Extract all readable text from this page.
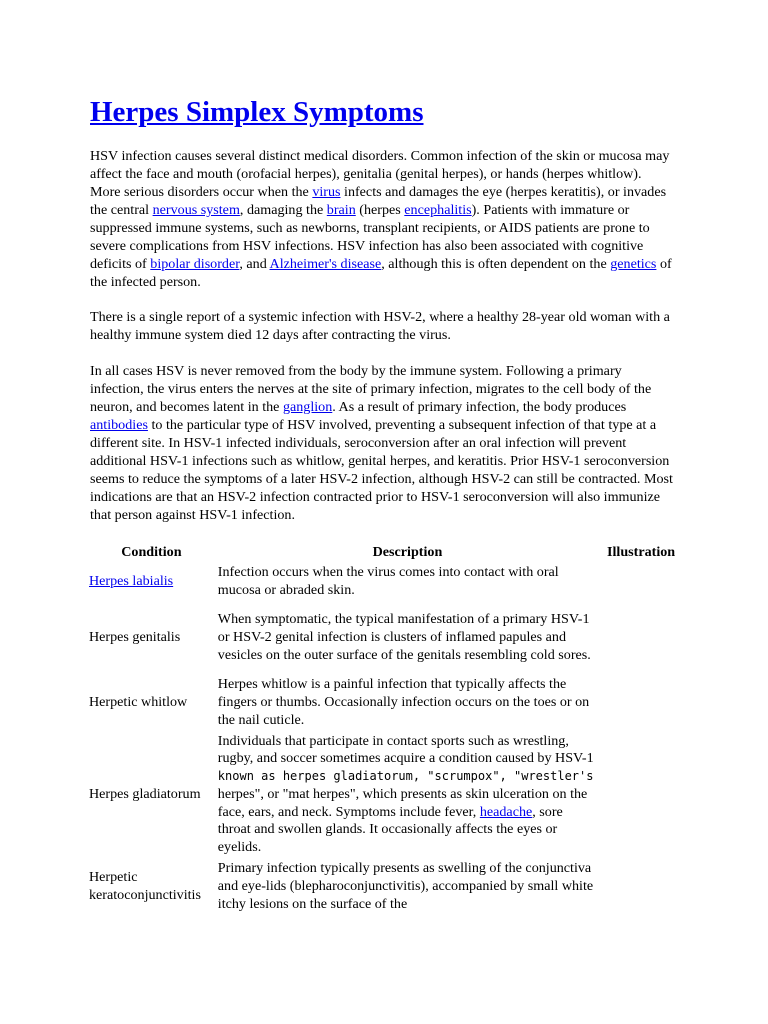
Herpes Simplex Symptoms

HSV infection causes several distinct medical disorders. Common infection of the skin or mucosa may affect the face and mouth (orofacial herpes), genitalia (genital herpes), or hands (herpes whitlow). More serious disorders occur when the virus infects and damages the eye (herpes keratitis), or invades the central nervous system, damaging the brain (herpes encephalitis). Patients with immature or suppressed immune systems, such as newborns, transplant recipients, or AIDS patients are prone to severe complications from HSV infections. HSV infection has also been associated with cognitive deficits of bipolar disorder, and Alzheimer's disease, although this is often dependent on the genetics of the infected person.

There is a single report of a systemic infection with HSV-2, where a healthy 28-year old woman with a healthy immune system died 12 days after contracting the virus.

In all cases HSV is never removed from the body by the immune system. Following a primary infection, the virus enters the nerves at the site of primary infection, migrates to the cell body of the neuron, and becomes latent in the ganglion. As a result of primary infection, the body produces antibodies to the particular type of HSV involved, preventing a subsequent infection of that type at a different site. In HSV-1 infected individuals, seroconversion after an oral infection will prevent additional HSV-1 infections such as whitlow, genital herpes, and keratitis. Prior HSV-1 seroconversion seems to reduce the symptoms of a later HSV-2 infection, although HSV-2 can still be contracted. Most indications are that an HSV-2 infection contracted prior to HSV-1 seroconversion will also immunize that person against HSV-1 infection.

Condition	Description	Illustration
Herpes labialis	Infection occurs when the virus comes into contact with oral mucosa or abraded skin.	
Herpes genitalis	When symptomatic, the typical manifestation of a primary HSV-1 or HSV-2 genital infection is clusters of inflamed papules and vesicles on the outer surface of the genitals resembling cold sores.	
Herpetic whitlow	Herpes whitlow is a painful infection that typically affects the fingers or thumbs. Occasionally infection occurs on the toes or on the nail cuticle.	
Herpes gladiatorum	Individuals that participate in contact sports such as wrestling, rugby, and soccer sometimes acquire a condition caused by HSV-1 known as herpes gladiatorum, "scrumpox", "wrestler's herpes", or "mat herpes", which presents as skin ulceration on the face, ears, and neck. Symptoms include fever, headache, sore throat and swollen glands. It occasionally affects the eyes or eyelids.	
Herpetic keratoconjunctivitis	Primary infection typically presents as swelling of the conjunctiva and eye-lids (blepharoconjunctivitis), accompanied by small white itchy lesions on the surface of the	
